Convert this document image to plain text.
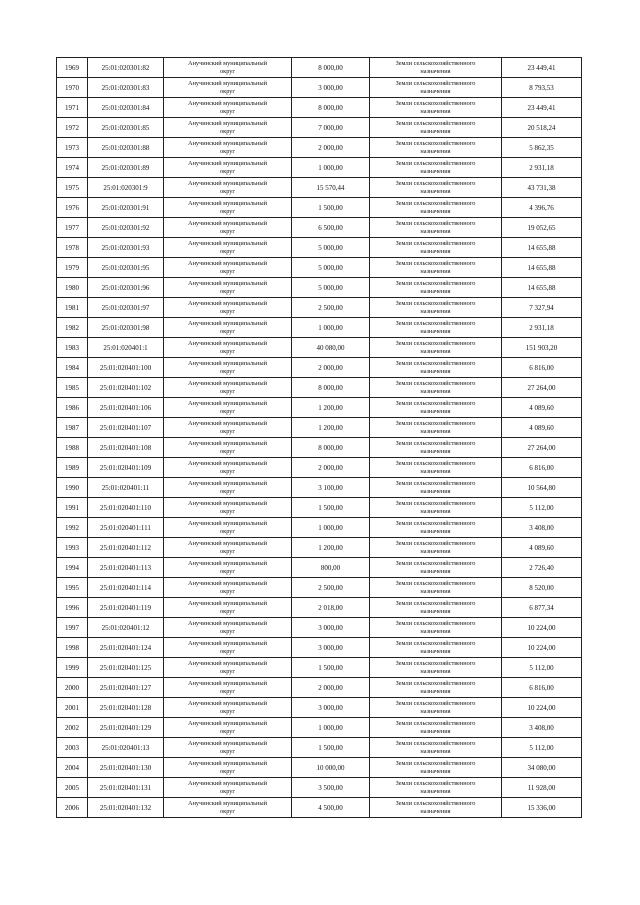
1969	25:01:020301:82	Анучинский муниципальный
округ	8 000,00	Земли сельскохозяйственного
назначения	23 449,41
1970	25:01:020301:83	Анучинский муниципальный
округ	3 000,00	Земли сельскохозяйственного
назначения	8 793,53
1971	25:01:020301:84	Анучинский муниципальный
округ	8 000,00	Земли сельскохозяйственного
назначения	23 449,41
1972	25:01:020301:85	Анучинский муниципальный
округ	7 000,00	Земли сельскохозяйственного
назначения	20 518,24
1973	25:01:020301:88	Анучинский муниципальный
округ	2 000,00	Земли сельскохозяйственного
назначения	5 862,35
1974	25:01:020301:89	Анучинский муниципальный
округ	1 000,00	Земли сельскохозяйственного
назначения	2 931,18
1975	25:01:020301:9	Анучинский муниципальный
округ	15 570,44	Земли сельскохозяйственного
назначения	43 731,38
1976	25:01:020301:91	Анучинский муниципальный
округ	1 500,00	Земли сельскохозяйственного
назначения	4 396,76
1977	25:01:020301:92	Анучинский муниципальный
округ	6 500,00	Земли сельскохозяйственного
назначения	19 052,65
1978	25:01:020301:93	Анучинский муниципальный
округ	5 000,00	Земли сельскохозяйственного
назначения	14 655,88
1979	25:01:020301:95	Анучинский муниципальный
округ	5 000,00	Земли сельскохозяйственного
назначения	14 655,88
1980	25:01:020301:96	Анучинский муниципальный
округ	5 000,00	Земли сельскохозяйственного
назначения	14 655,88
1981	25:01:020301:97	Анучинский муниципальный
округ	2 500,00	Земли сельскохозяйственного
назначения	7 327,94
1982	25:01:020301:98	Анучинский муниципальный
округ	1 000,00	Земли сельскохозяйственного
назначения	2 931,18
1983	25:01:020401:1	Анучинский муниципальный
округ	40 080,00	Земли сельскохозяйственного
назначения	151 903,20
1984	25:01:020401:100	Анучинский муниципальный
округ	2 000,00	Земли сельскохозяйственного
назначения	6 816,00
1985	25:01:020401:102	Анучинский муниципальный
округ	8 000,00	Земли сельскохозяйственного
назначения	27 264,00
1986	25:01:020401:106	Анучинский муниципальный
округ	1 200,00	Земли сельскохозяйственного
назначения	4 089,60
1987	25:01:020401:107	Анучинский муниципальный
округ	1 200,00	Земли сельскохозяйственного
назначения	4 089,60
1988	25:01:020401:108	Анучинский муниципальный
округ	8 000,00	Земли сельскохозяйственного
назначения	27 264,00
1989	25:01:020401:109	Анучинский муниципальный
округ	2 000,00	Земли сельскохозяйственного
назначения	6 816,00
1990	25:01:020401:11	Анучинский муниципальный
округ	3 100,00	Земли сельскохозяйственного
назначения	10 564,80
1991	25:01:020401:110	Анучинский муниципальный
округ	1 500,00	Земли сельскохозяйственного
назначения	5 112,00
1992	25:01:020401:111	Анучинский муниципальный
округ	1 000,00	Земли сельскохозяйственного
назначения	3 408,00
1993	25:01:020401:112	Анучинский муниципальный
округ	1 200,00	Земли сельскохозяйственного
назначения	4 089,60
1994	25:01:020401:113	Анучинский муниципальный
округ	800,00	Земли сельскохозяйственного
назначения	2 726,40
1995	25:01:020401:114	Анучинский муниципальный
округ	2 500,00	Земли сельскохозяйственного
назначения	8 520,00
1996	25:01:020401:119	Анучинский муниципальный
округ	2 018,00	Земли сельскохозяйственного
назначения	6 877,34
1997	25:01:020401:12	Анучинский муниципальный
округ	3 000,00	Земли сельскохозяйственного
назначения	10 224,00
1998	25:01:020401:124	Анучинский муниципальный
округ	3 000,00	Земли сельскохозяйственного
назначения	10 224,00
1999	25:01:020401:125	Анучинский муниципальный
округ	1 500,00	Земли сельскохозяйственного
назначения	5 112,00
2000	25:01:020401:127	Анучинский муниципальный
округ	2 000,00	Земли сельскохозяйственного
назначения	6 816,00
2001	25:01:020401:128	Анучинский муниципальный
округ	3 000,00	Земли сельскохозяйственного
назначения	10 224,00
2002	25:01:020401:129	Анучинский муниципальный
округ	1 000,00	Земли сельскохозяйственного
назначения	3 408,00
2003	25:01:020401:13	Анучинский муниципальный
округ	1 500,00	Земли сельскохозяйственного
назначения	5 112,00
2004	25:01:020401:130	Анучинский муниципальный
округ	10 000,00	Земли сельскохозяйственного
назначения	34 080,00
2005	25:01:020401:131	Анучинский муниципальный
округ	3 500,00	Земли сельскохозяйственного
назначения	11 928,00
2006	25:01:020401:132	Анучинский муниципальный
округ	4 500,00	Земли сельскохозяйственного
назначения	15 336,00
